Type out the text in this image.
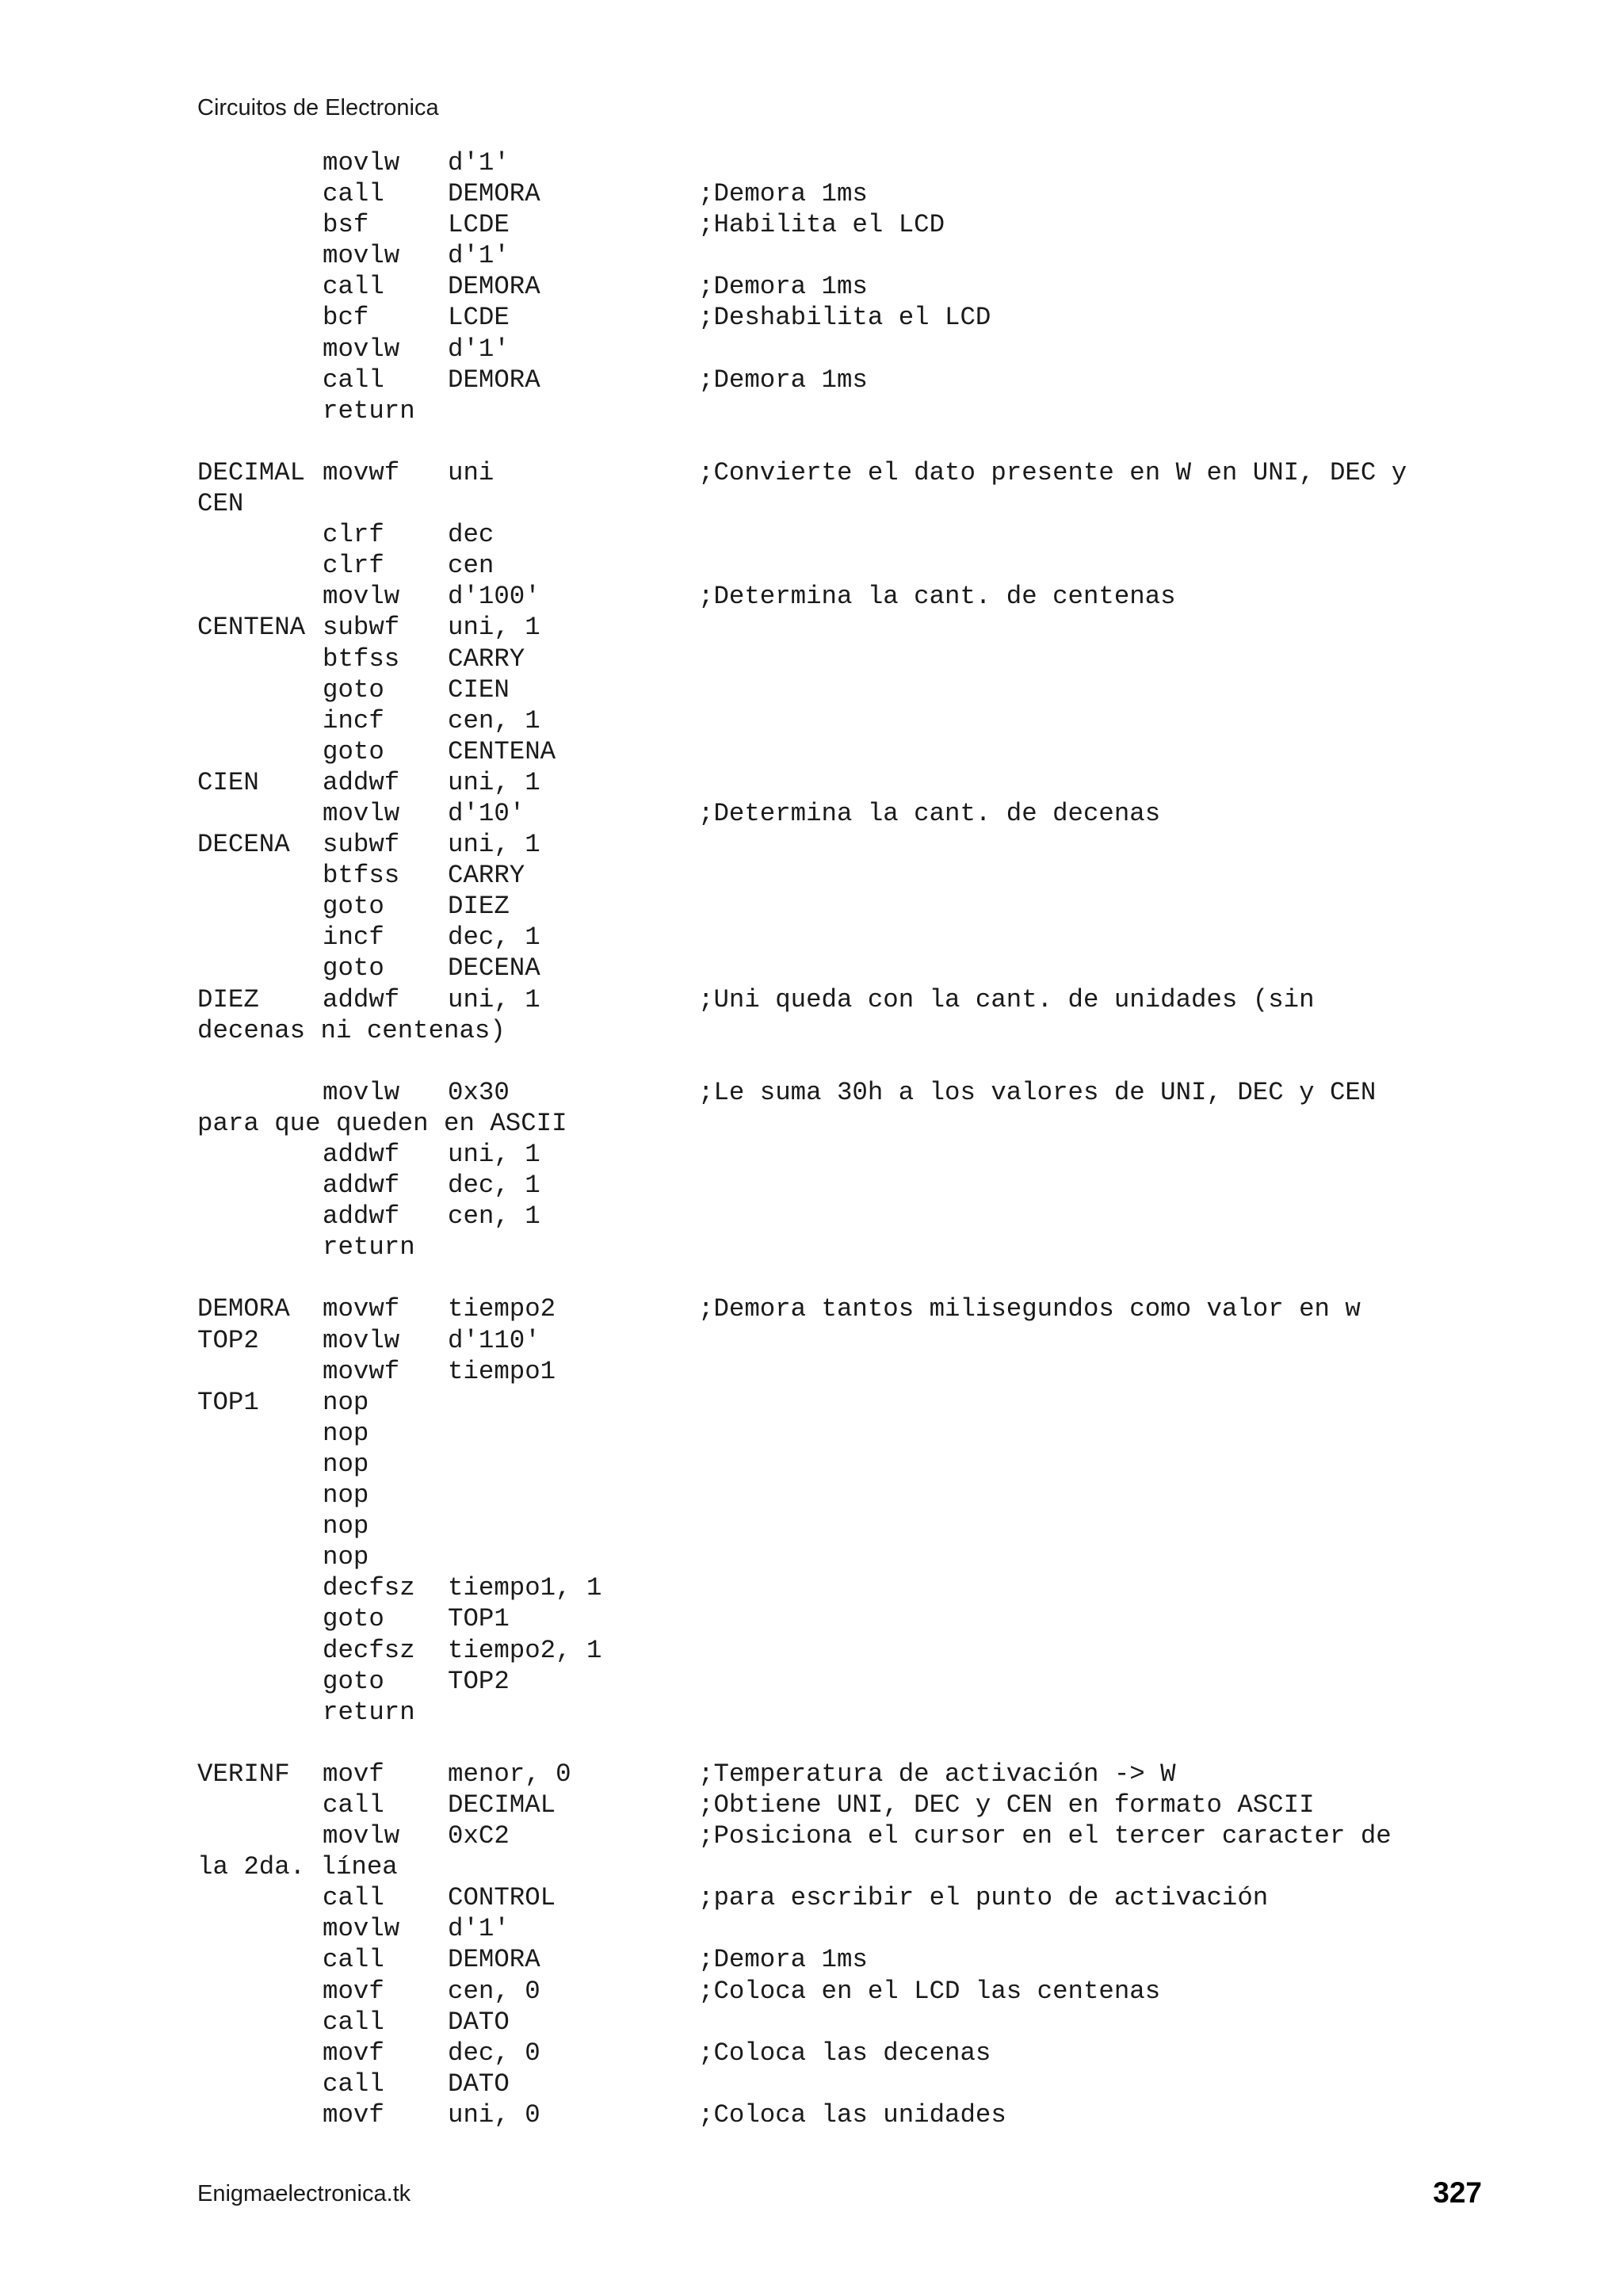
Circuitos de Electronica
movlw d'1'
call DEMORA	;Demora 1ms
bsf	LCDE	;Habilita el LCD
movlw d'1'
call DEMORA	;Demora 1ms
bcf	LCDE	;Deshabilita el LCD
movlw d'1'
call DEMORA	;Demora 1ms
return
DECIMAL movwf uni	;Convierte el dato presente en W en UNI, DEC y
CEN
clrf dec
clrf cen
movlw d'100'	;Determina la cant. de centenas
CENTENA subwf uni, 1
btfss CARRY
goto CIEN
incf cen, 1
goto CENTENA
CIEN addwf uni, 1
movlw d'10'	;Determina la cant. de decenas
DECENA subwf uni, 1
btfss CARRY
goto DIEZ
incf dec, 1
goto DECENA
DIEZ addwf uni, 1	;Uni queda con la cant. de unidades (sin
decenas ni centenas)
movlw 0x30	;Le suma 30h a los valores de UNI, DEC y CEN
para que queden en ASCII
addwf uni, 1
addwf dec, 1
addwf cen, 1
return
DEMORA movwf tiempo2	;Demora tantos milisegundos como valor en w
TOP2 movlw d'110'
movwf tiempo1
TOP1 nop
nop
nop
nop
nop
nop
decfsz tiempo1, 1
goto TOP1
decfsz tiempo2, 1
goto TOP2
return
VERINF movf menor, 0	;Temperatura de activación -> W
call DECIMAL	;Obtiene UNI, DEC y CEN en formato ASCII
movlw 0xC2	;Posiciona el cursor en el tercer caracter de
la 2da. línea
call CONTROL	;para escribir el punto de activación
movlw d'1'
call DEMORA	;Demora 1ms
movf cen, 0	;Coloca en el LCD las centenas
call DATO
movf dec, 0	;Coloca las decenas
call DATO
movf uni, 0	;Coloca las unidades
Enigmaelectronica.tk	327
